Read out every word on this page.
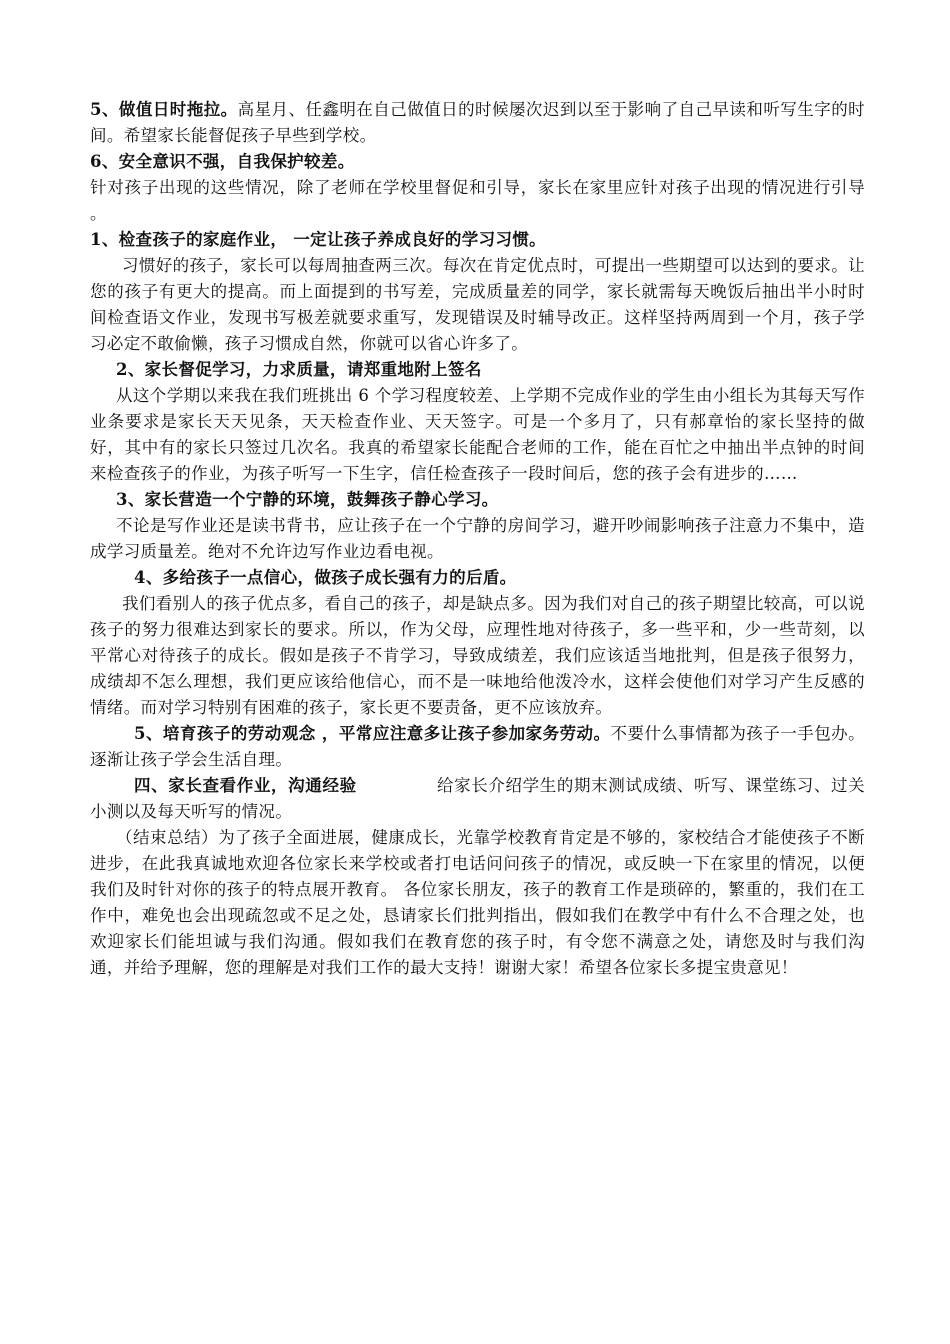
5、做值日时拖拉。高星月、任鑫明在自己做值日的时候屡次迟到以至于影响了自己早读和听写生字的时间。希望家长能督促孩子早些到学校。

6、安全意识不强，自我保护较差。

针对孩子出现的这些情况，除了老师在学校里督促和引导，家长在家里应针对孩子出现的情况进行引导 。

1、检查孩子的家庭作业， 一定让孩子养成良好的学习习惯。

习惯好的孩子，家长可以每周抽查两三次。每次在肯定优点时，可提出一些期望可以达到的要求。让您的孩子有更大的提高。而上面提到的书写差，完成质量差的同学，家长就需每天晚饭后抽出半小时时间检查语文作业，发现书写极差就要求重写，发现错误及时辅导改正。这样坚持两周到一个月，孩子学习必定不敢偷懒，孩子习惯成自然，你就可以省心许多了。

2、家长督促学习，力求质量，请郑重地附上签名

从这个学期以来我在我们班挑出 6 个学习程度较差、上学期不完成作业的学生由小组长为其每天写作业条要求是家长天天见条，天天检查作业、天天签字。可是一个多月了，只有郝章怡的家长坚持的做好，其中有的家长只签过几次名。我真的希望家长能配合老师的工作，能在百忙之中抽出半点钟的时间来检查孩子的作业，为孩子听写一下生字，信任检查孩子一段时间后，您的孩子会有进步的……

3、家长营造一个宁静的环境，鼓舞孩子静心学习。

不论是写作业还是读书背书，应让孩子在一个宁静的房间学习，避开吵闹影响孩子注意力不集中，造成学习质量差。绝对不允许边写作业边看电视。

4、多给孩子一点信心，做孩子成长强有力的后盾。

我们看别人的孩子优点多，看自己的孩子，却是缺点多。因为我们对自己的孩子期望比较高，可以说孩子的努力很难达到家长的要求。所以，作为父母，应理性地对待孩子，多一些平和，少一些苛刻，以平常心对待孩子的成长。假如是孩子不肯学习，导致成绩差，我们应该适当地批判，但是孩子很努力，成绩却不怎么理想，我们更应该给他信心，而不是一味地给他泼冷水，这样会使他们对学习产生反感的情绪。而对学习特别有困难的孩子，家长更不要责备，更不应该放弃。

5、培育孩子的劳动观念 ，平常应注意多让孩子参加家务劳动。不要什么事情都为孩子一手包办。逐渐让孩子学会生活自理。

四、家长查看作业，沟通经验	给家长介绍学生的期末测试成绩、听写、课堂练习、过关小测以及每天听写的情况。

（结束总结）为了孩子全面进展，健康成长，光靠学校教育肯定是不够的，家校结合才能使孩子不断进步，在此我真诚地欢迎各位家长来学校或者打电话问问孩子的情况，或反映一下在家里的情况，以便我们及时针对你的孩子的特点展开教育。 各位家长朋友，孩子的教育工作是琐碎的，繁重的，我们在工作中，难免也会出现疏忽或不足之处，恳请家长们批判指出，假如我们在教学中有什么不合理之处，也欢迎家长们能坦诚与我们沟通。假如我们在教育您的孩子时，有令您不满意之处，请您及时与我们沟通，并给予理解，您的理解是对我们工作的最大支持！谢谢大家！希望各位家长多提宝贵意见！
